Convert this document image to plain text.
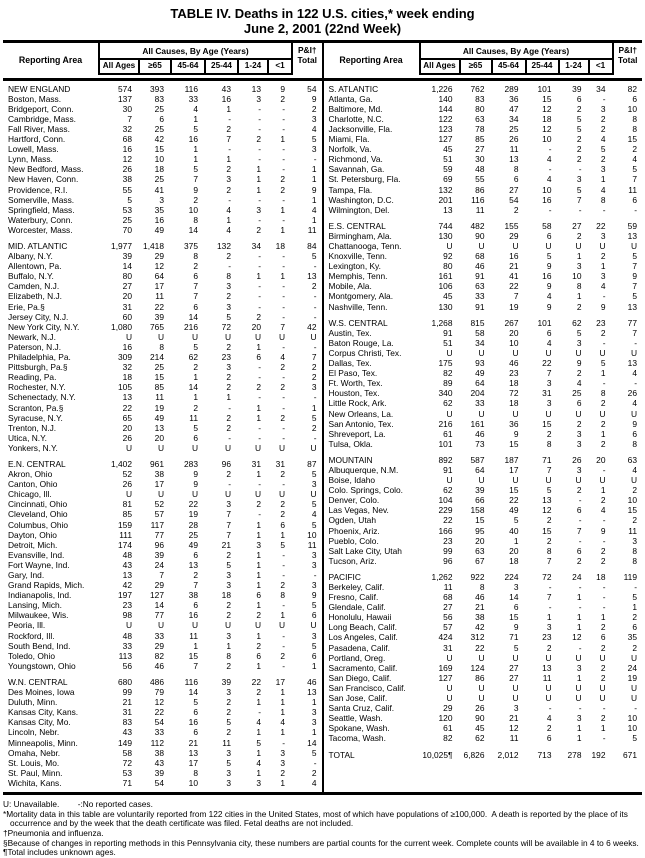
TABLE IV. Deaths in 122 U.S. cities,* week ending
June 2, 2001 (22nd Week)
Reporting Area
All Causes, By Age (Years)	P&I†
Total
All Ages	≥65	45-64	25-44	1-24	<1
NEW ENGLAND	574	393	116	43	13	9	54
Boston, Mass.	137	83	33	16	3	2	9
Bridgeport, Conn.	30	25	4	1	-	-	2
Cambridge, Mass.	7	6	1	-	-	-	3
Fall River, Mass.	32	25	5	2	-	-	4
Hartford, Conn.	68	42	16	7	2	1	5
Lowell, Mass.	16	15	1	-	-	-	3
Lynn, Mass.	12	10	1	1	-	-	-
New Bedford, Mass.	26	18	5	2	1	-	1
New Haven, Conn.	38	25	7	3	1	2	1
Providence, R.I.	55	41	9	2	1	2	9
Somerville, Mass.	5	3	2	-	-	-	1
Springfield, Mass.	53	35	10	4	3	1	4
Waterbury, Conn.	25	16	8	1	-	-	1
Worcester, Mass.	70	49	14	4	2	1	11
MID. ATLANTIC	1,977	1,418	375	132	34	18	84
Albany, N.Y.	39	29	8	2	-	-	5
Allentown, Pa.	14	12	2	-	-	-	-
Buffalo, N.Y.	80	64	6	8	1	1	13
Camden, N.J.	27	17	7	3	-	-	2
Elizabeth, N.J.	20	11	7	2	-	-	-
Erie, Pa.§	31	22	6	3	-	-	-
Jersey City, N.J.	60	39	14	5	2	-	-
New York City, N.Y.	1,080	765	216	72	20	7	42
Newark, N.J.	U	U	U	U	U	U	U
Paterson, N.J.	16	8	5	2	1	-	-
Philadelphia, Pa.	309	214	62	23	6	4	7
Pittsburgh, Pa.§	32	25	2	3	-	2	2
Reading, Pa.	18	15	1	2	-	-	2
Rochester, N.Y.	105	85	14	2	2	2	3
Schenectady, N.Y.	13	11	1	1	-	-	-
Scranton, Pa.§	22	19	2	-	1	-	1
Syracuse, N.Y.	65	49	11	2	1	2	5
Trenton, N.J.	20	13	5	2	-	-	2
Utica, N.Y.	26	20	6	-	-	-	-
Yonkers, N.Y.	U	U	U	U	U	U	U
E.N. CENTRAL	1,402	961	283	96	31	31	87
Akron, Ohio	52	38	9	2	1	2	5
Canton, Ohio	26	17	9	-	-	-	3
Chicago, Ill.	U	U	U	U	U	U	U
Cincinnati, Ohio	81	52	22	3	2	2	5
Cleveland, Ohio	85	57	19	7	-	2	4
Columbus, Ohio	159	117	28	7	1	6	5
Dayton, Ohio	111	77	25	7	1	1	10
Detroit, Mich.	174	96	49	21	3	5	11
Evansville, Ind.	48	39	6	2	1	-	3
Fort Wayne, Ind.	43	24	13	5	1	-	3
Gary, Ind.	13	7	2	3	1	-	-
Grand Rapids, Mich.	42	29	7	3	1	2	3
Indianapolis, Ind.	197	127	38	18	6	8	9
Lansing, Mich.	23	14	6	2	1	-	5
Milwaukee, Wis.	98	77	16	2	2	1	6
Peoria, Ill.	U	U	U	U	U	U	U
Rockford, Ill.	48	33	11	3	1	-	3
South Bend, Ind.	33	29	1	1	2	-	5
Toledo, Ohio	113	82	15	8	6	2	6
Youngstown, Ohio	56	46	7	2	1	-	1
W.N. CENTRAL	680	486	116	39	22	17	46
Des Moines, Iowa	99	79	14	3	2	1	13
Duluth, Minn.	21	12	5	2	1	1	1
Kansas City, Kans.	31	22	6	2	-	1	3
Kansas City, Mo.	83	54	16	5	4	4	3
Lincoln, Nebr.	43	33	6	2	1	1	1
Minneapolis, Minn.	149	112	21	11	5	-	14
Omaha, Nebr.	58	38	13	3	1	3	5
St. Louis, Mo.	72	43	17	5	4	3	-
St. Paul, Minn.	53	39	8	3	1	2	2
Wichita, Kans.	71	54	10	3	3	1	4
Reporting Area
All Causes, By Age (Years)	P&I†
Total
All Ages	≥65	45-64	25-44	1-24	<1
S. ATLANTIC	1,226	762	289	101	39	34	82
Atlanta, Ga.	140	83	36	15	6	-	6
Baltimore, Md.	144	80	47	12	2	3	10
Charlotte, N.C.	122	63	34	18	5	2	8
Jacksonville, Fla.	123	78	25	12	5	2	8
Miami, Fla.	127	85	26	10	2	4	15
Norfolk, Va.	45	27	11	-	2	5	2
Richmond, Va.	51	30	13	4	2	2	4
Savannah, Ga.	59	48	8	-	-	3	5
St. Petersburg, Fla.	69	55	6	4	3	1	7
Tampa, Fla.	132	86	27	10	5	4	11
Washington, D.C.	201	116	54	16	7	8	6
Wilmington, Del.	13	11	2	-	-	-	-
E.S. CENTRAL	744	482	155	58	27	22	59
Birmingham, Ala.	130	90	29	6	2	3	13
Chattanooga, Tenn.	U	U	U	U	U	U	U
Knoxville, Tenn.	92	68	16	5	1	2	5
Lexington, Ky.	80	46	21	9	3	1	7
Memphis, Tenn.	161	91	41	16	10	3	9
Mobile, Ala.	106	63	22	9	8	4	7
Montgomery, Ala.	45	33	7	4	1	-	5
Nashville, Tenn.	130	91	19	9	2	9	13
W.S. CENTRAL	1,268	815	267	101	62	23	77
Austin, Tex.	91	58	20	6	5	2	7
Baton Rouge, La.	51	34	10	4	3	-	-
Corpus Christi, Tex.	U	U	U	U	U	U	U
Dallas, Tex.	175	93	46	22	9	5	13
El Paso, Tex.	82	49	23	7	2	1	4
Ft. Worth, Tex.	89	64	18	3	4	-	-
Houston, Tex.	340	204	72	31	25	8	26
Little Rock, Ark.	62	33	18	3	6	2	4
New Orleans, La.	U	U	U	U	U	U	U
San Antonio, Tex.	216	161	36	15	2	2	9
Shreveport, La.	61	46	9	2	3	1	6
Tulsa, Okla.	101	73	15	8	3	2	8
MOUNTAIN	892	587	187	71	26	20	63
Albuquerque, N.M.	91	64	17	7	3	-	4
Boise, Idaho	U	U	U	U	U	U	U
Colo. Springs, Colo.	62	39	15	5	2	1	2
Denver, Colo.	104	66	22	13	-	2	10
Las Vegas, Nev.	229	158	49	12	6	4	15
Ogden, Utah	22	15	5	2	-	-	2
Phoenix, Ariz.	166	95	40	15	7	9	11
Pueblo, Colo.	23	20	1	2	-	-	3
Salt Lake City, Utah	99	63	20	8	6	2	8
Tucson, Ariz.	96	67	18	7	2	2	8
PACIFIC	1,262	922	224	72	24	18	119
Berkeley, Calif.	11	8	3	-	-	-	-
Fresno, Calif.	68	46	14	7	1	-	5
Glendale, Calif.	27	21	6	-	-	-	1
Honolulu, Hawaii	56	38	15	1	1	1	2
Long Beach, Calif.	57	42	9	3	1	2	6
Los Angeles, Calif.	424	312	71	23	12	6	35
Pasadena, Calif.	31	22	5	2	-	2	2
Portland, Oreg.	U	U	U	U	U	U	U
Sacramento, Calif.	169	124	27	13	3	2	24
San Diego, Calif.	127	86	27	11	1	2	19
San Francisco, Calif.	U	U	U	U	U	U	U
San Jose, Calif.	U	U	U	U	U	U	U
Santa Cruz, Calif.	29	26	3	-	-	-	-
Seattle, Wash.	120	90	21	4	3	2	10
Spokane, Wash.	61	45	12	2	1	1	10
Tacoma, Wash.	82	62	11	6	1	-	5
TOTAL	10,025¶	6,826	2,012	713	278	192	671
U: Unavailable.        -:No reported cases.
*Mortality data in this table are voluntarily reported from 122 cities in the United States, most of which have populations of ≥100,000.  A death is reported by the place of its occurrence and by the week that the death certificate was filed. Fetal deaths are not included.
†Pneumonia and influenza.
§Because of changes in reporting methods in this Pennsylvania city, these numbers are partial counts for the current week. Complete counts will be available in 4 to 6 weeks.
¶Total includes unknown ages.
